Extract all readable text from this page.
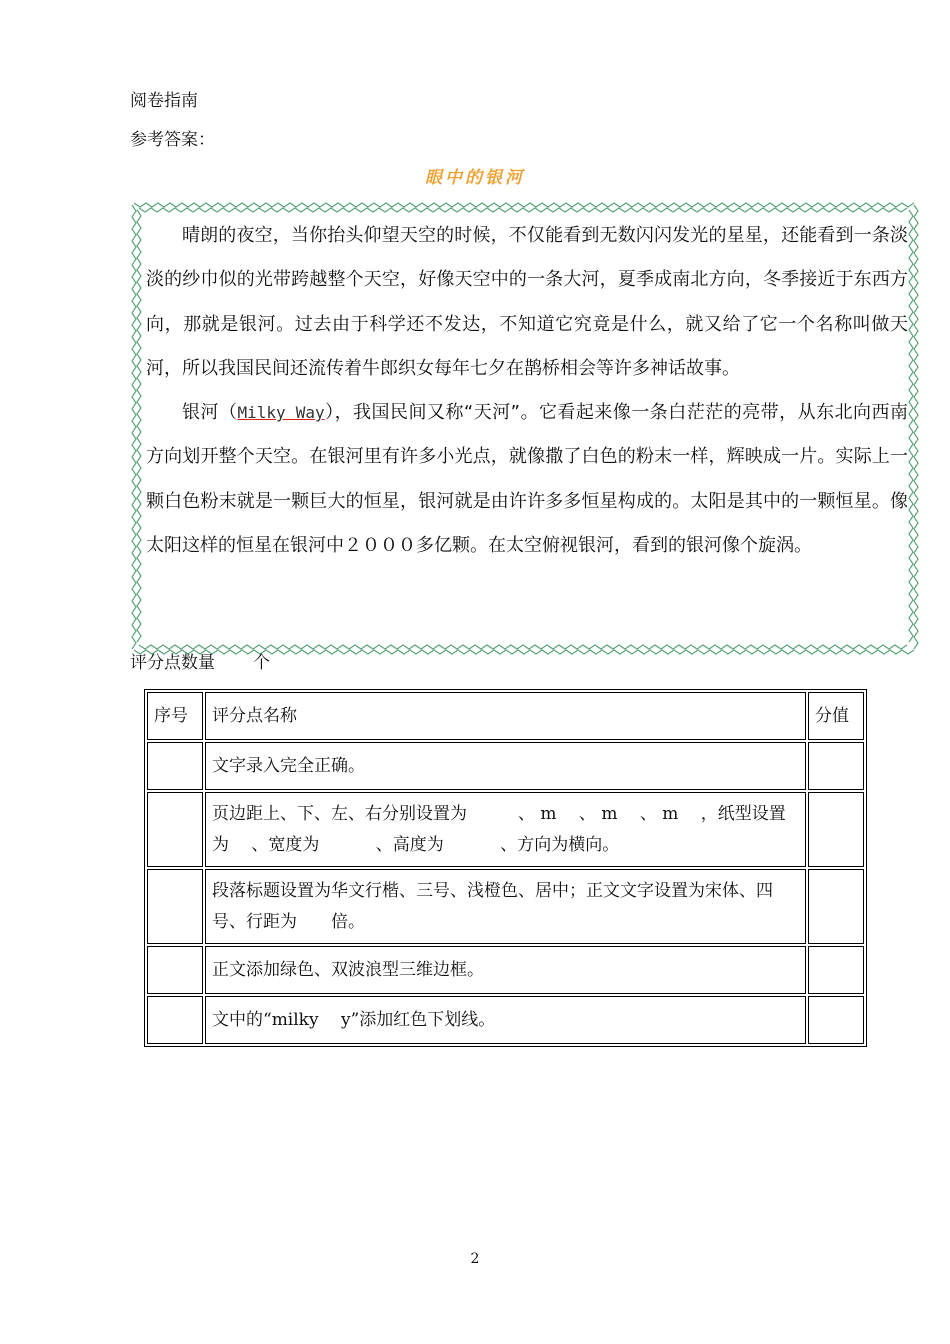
阅卷指南
参考答案：
眼中的银河

晴朗的夜空，当你抬头仰望天空的时候，不仅能看到无数闪闪发光的星星，还能看到一条淡淡的纱巾似的光带跨越整个天空，好像天空中的一条大河，夏季成南北方向，冬季接近于东西方向，那就是银河。过去由于科学还不发达，不知道它究竟是什么，就又给了它一个名称叫做天河，所以我国民间还流传着牛郎织女每年七夕在鹊桥相会等许多神话故事。

银河（Milky Way），我国民间又称“天河”。它看起来像一条白茫茫的亮带，从东北向西南方向划开整个天空。在银河里有许多小光点，就像撒了白色的粉末一样，辉映成一片。实际上一颗白色粉末就是一颗巨大的恒星，银河就是由许许多多恒星构成的。太阳是其中的一颗恒星。像太阳这样的恒星在银河中２０００多亿颗。在太空俯视银河，看到的银河像个旋涡。

评分点数量 个
序号	评分点名称	分值
	文字录入完全正确。	
	页边距上、下、左、右分别设置为　　　、 m　 、 m　 、 m　 ，纸型设置为　 、宽度为　　　 、高度为　　　 、方向为横向。	
	段落标题设置为华文行楷、三号、浅橙色、居中；正文文字设置为宋体、四号、行距为　　倍。	
	正文添加绿色、双波浪型三维边框。	
	文中的“milky　 y”添加红色下划线。	
2
